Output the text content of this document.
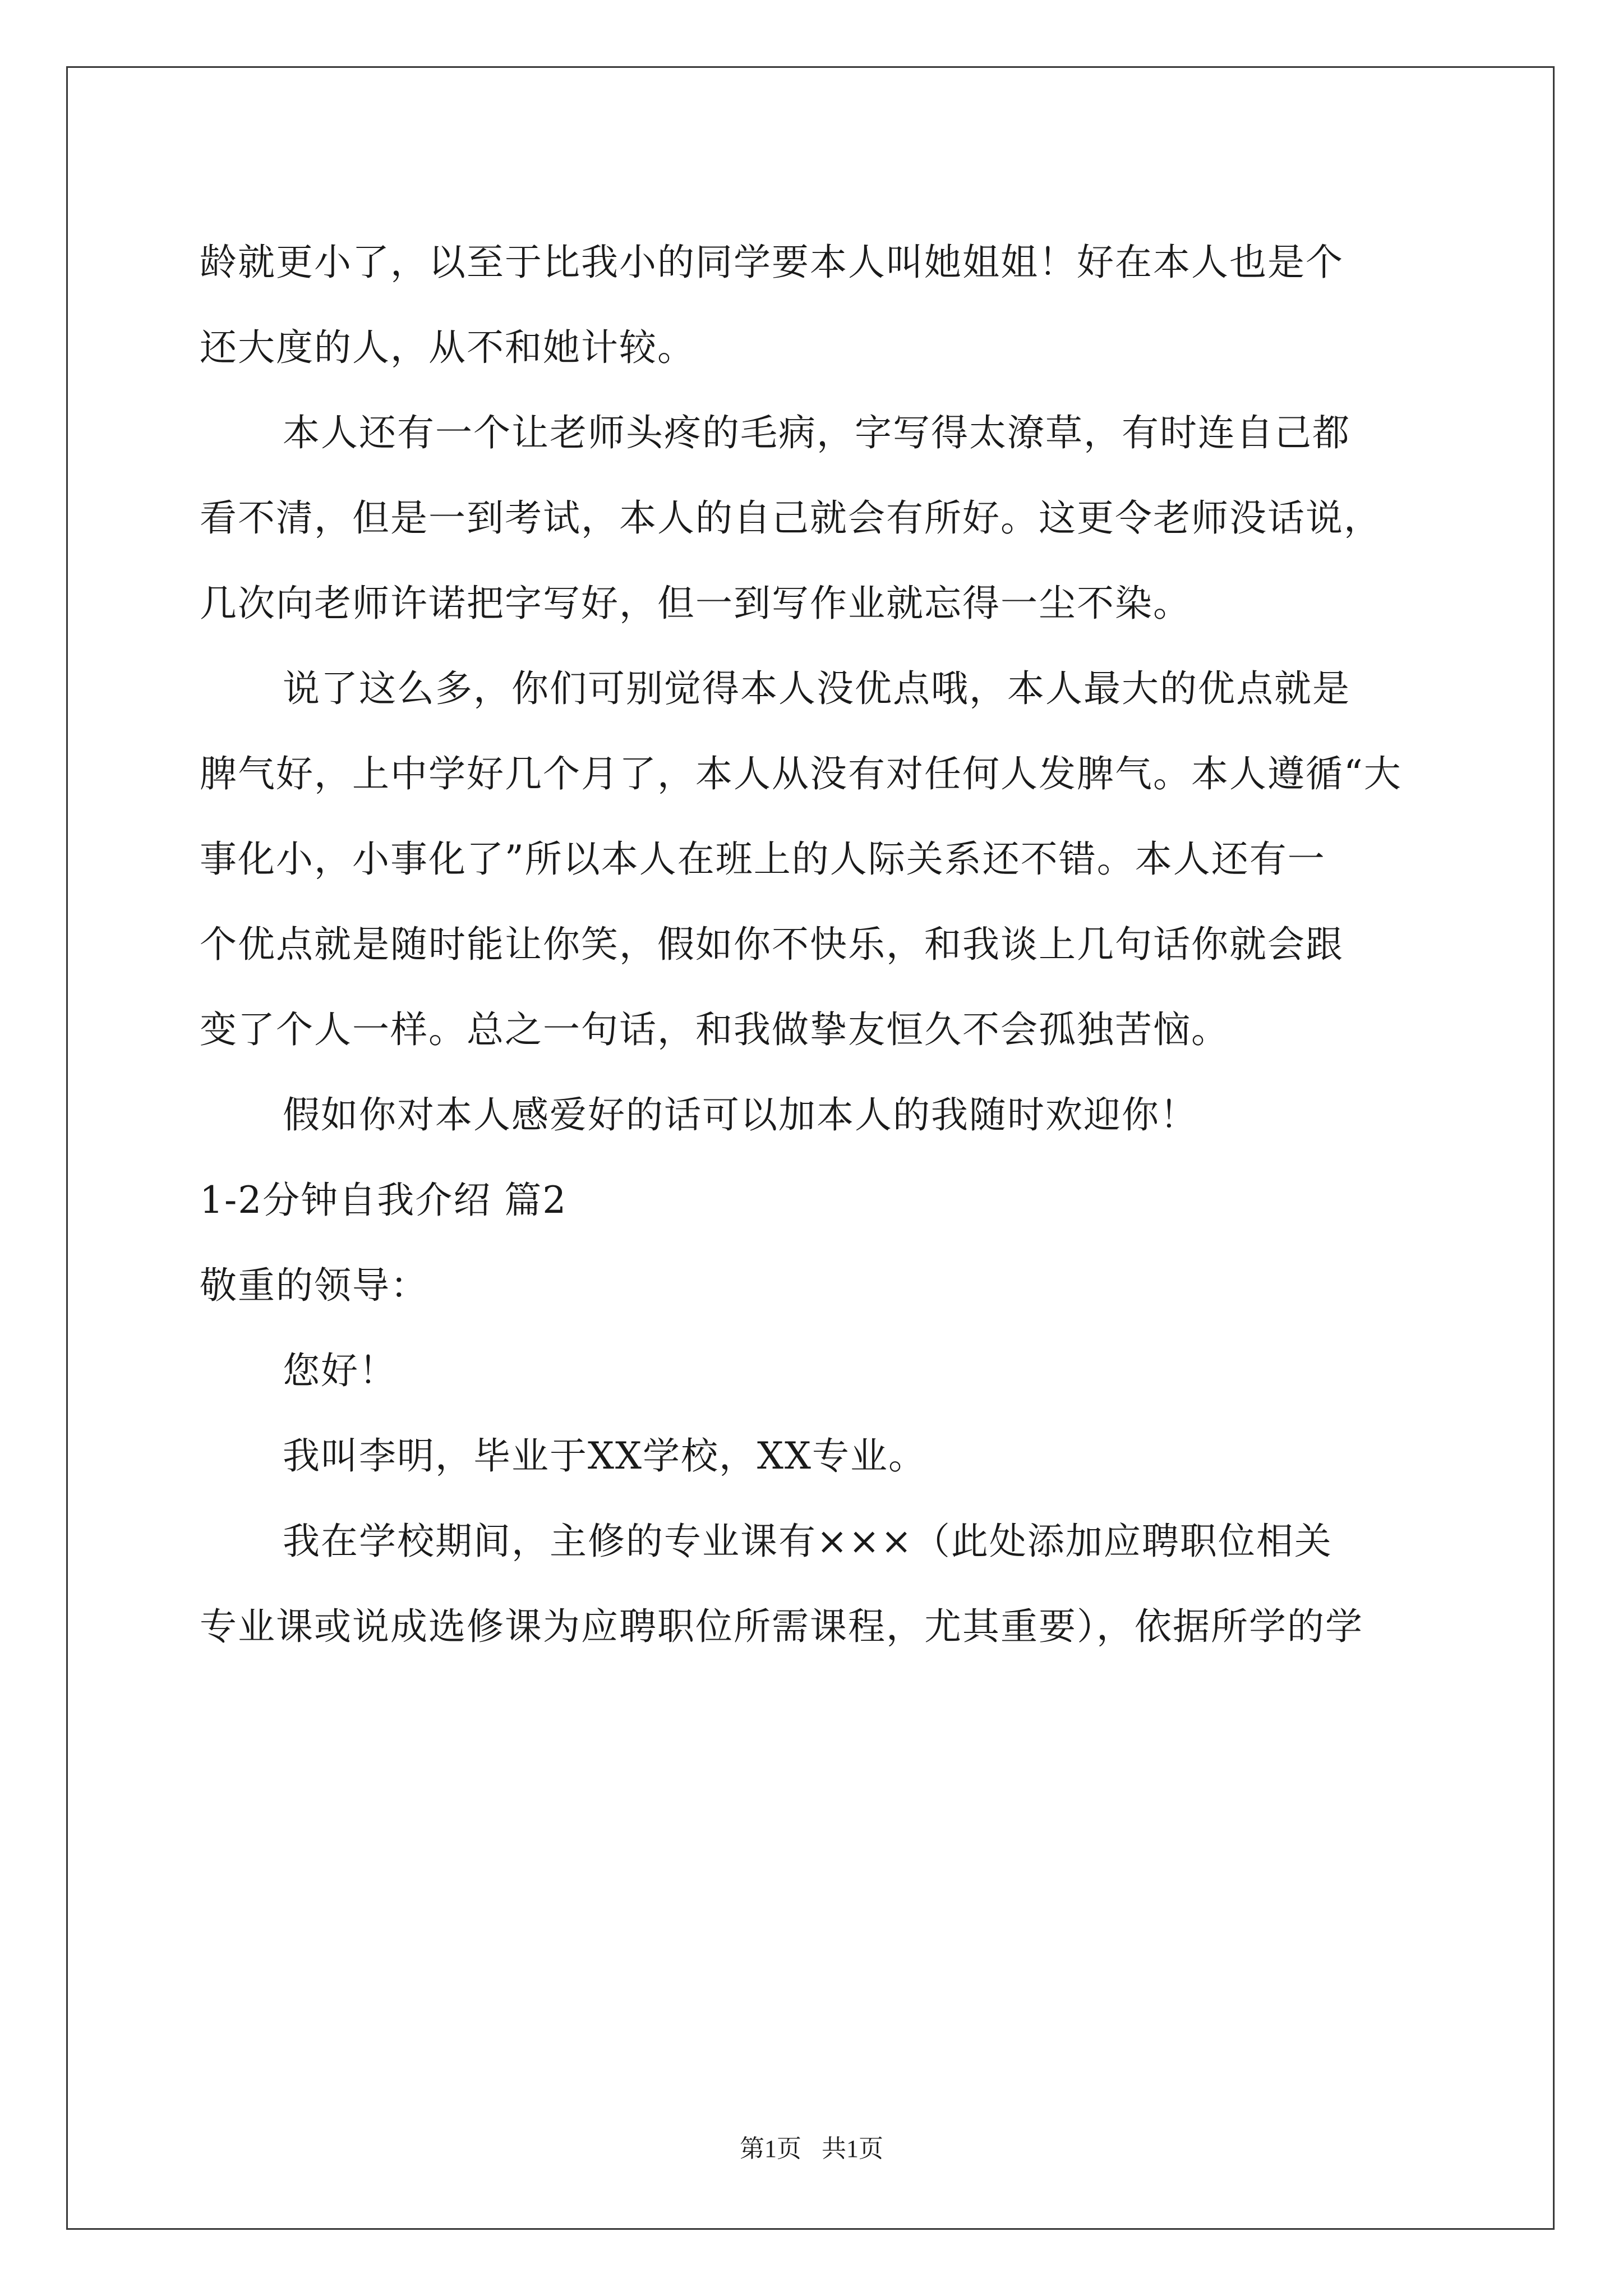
龄就更小了，以至于比我小的同学要本人叫她姐姐！好在本人也是个
还大度的人，从不和她计较。
本人还有一个让老师头疼的毛病，字写得太潦草，有时连自己都
看不清，但是一到考试，本人的自己就会有所好。这更令老师没话说，
几次向老师许诺把字写好，但一到写作业就忘得一尘不染。
说了这么多，你们可别觉得本人没优点哦，本人最大的优点就是
脾气好，上中学好几个月了，本人从没有对任何人发脾气。本人遵循“大
事化小，小事化了”所以本人在班上的人际关系还不错。本人还有一
个优点就是随时能让你笑，假如你不快乐，和我谈上几句话你就会跟
变了个人一样。总之一句话，和我做挚友恒久不会孤独苦恼。
假如你对本人感爱好的话可以加本人的我随时欢迎你！
1-2分钟自我介绍 篇2
敬重的领导：
您好！
我叫李明，毕业于XX学校，XX专业。
我在学校期间，主修的专业课有×××（此处添加应聘职位相关
专业课或说成选修课为应聘职位所需课程，尤其重要），依据所学的学
第1页 共1页
